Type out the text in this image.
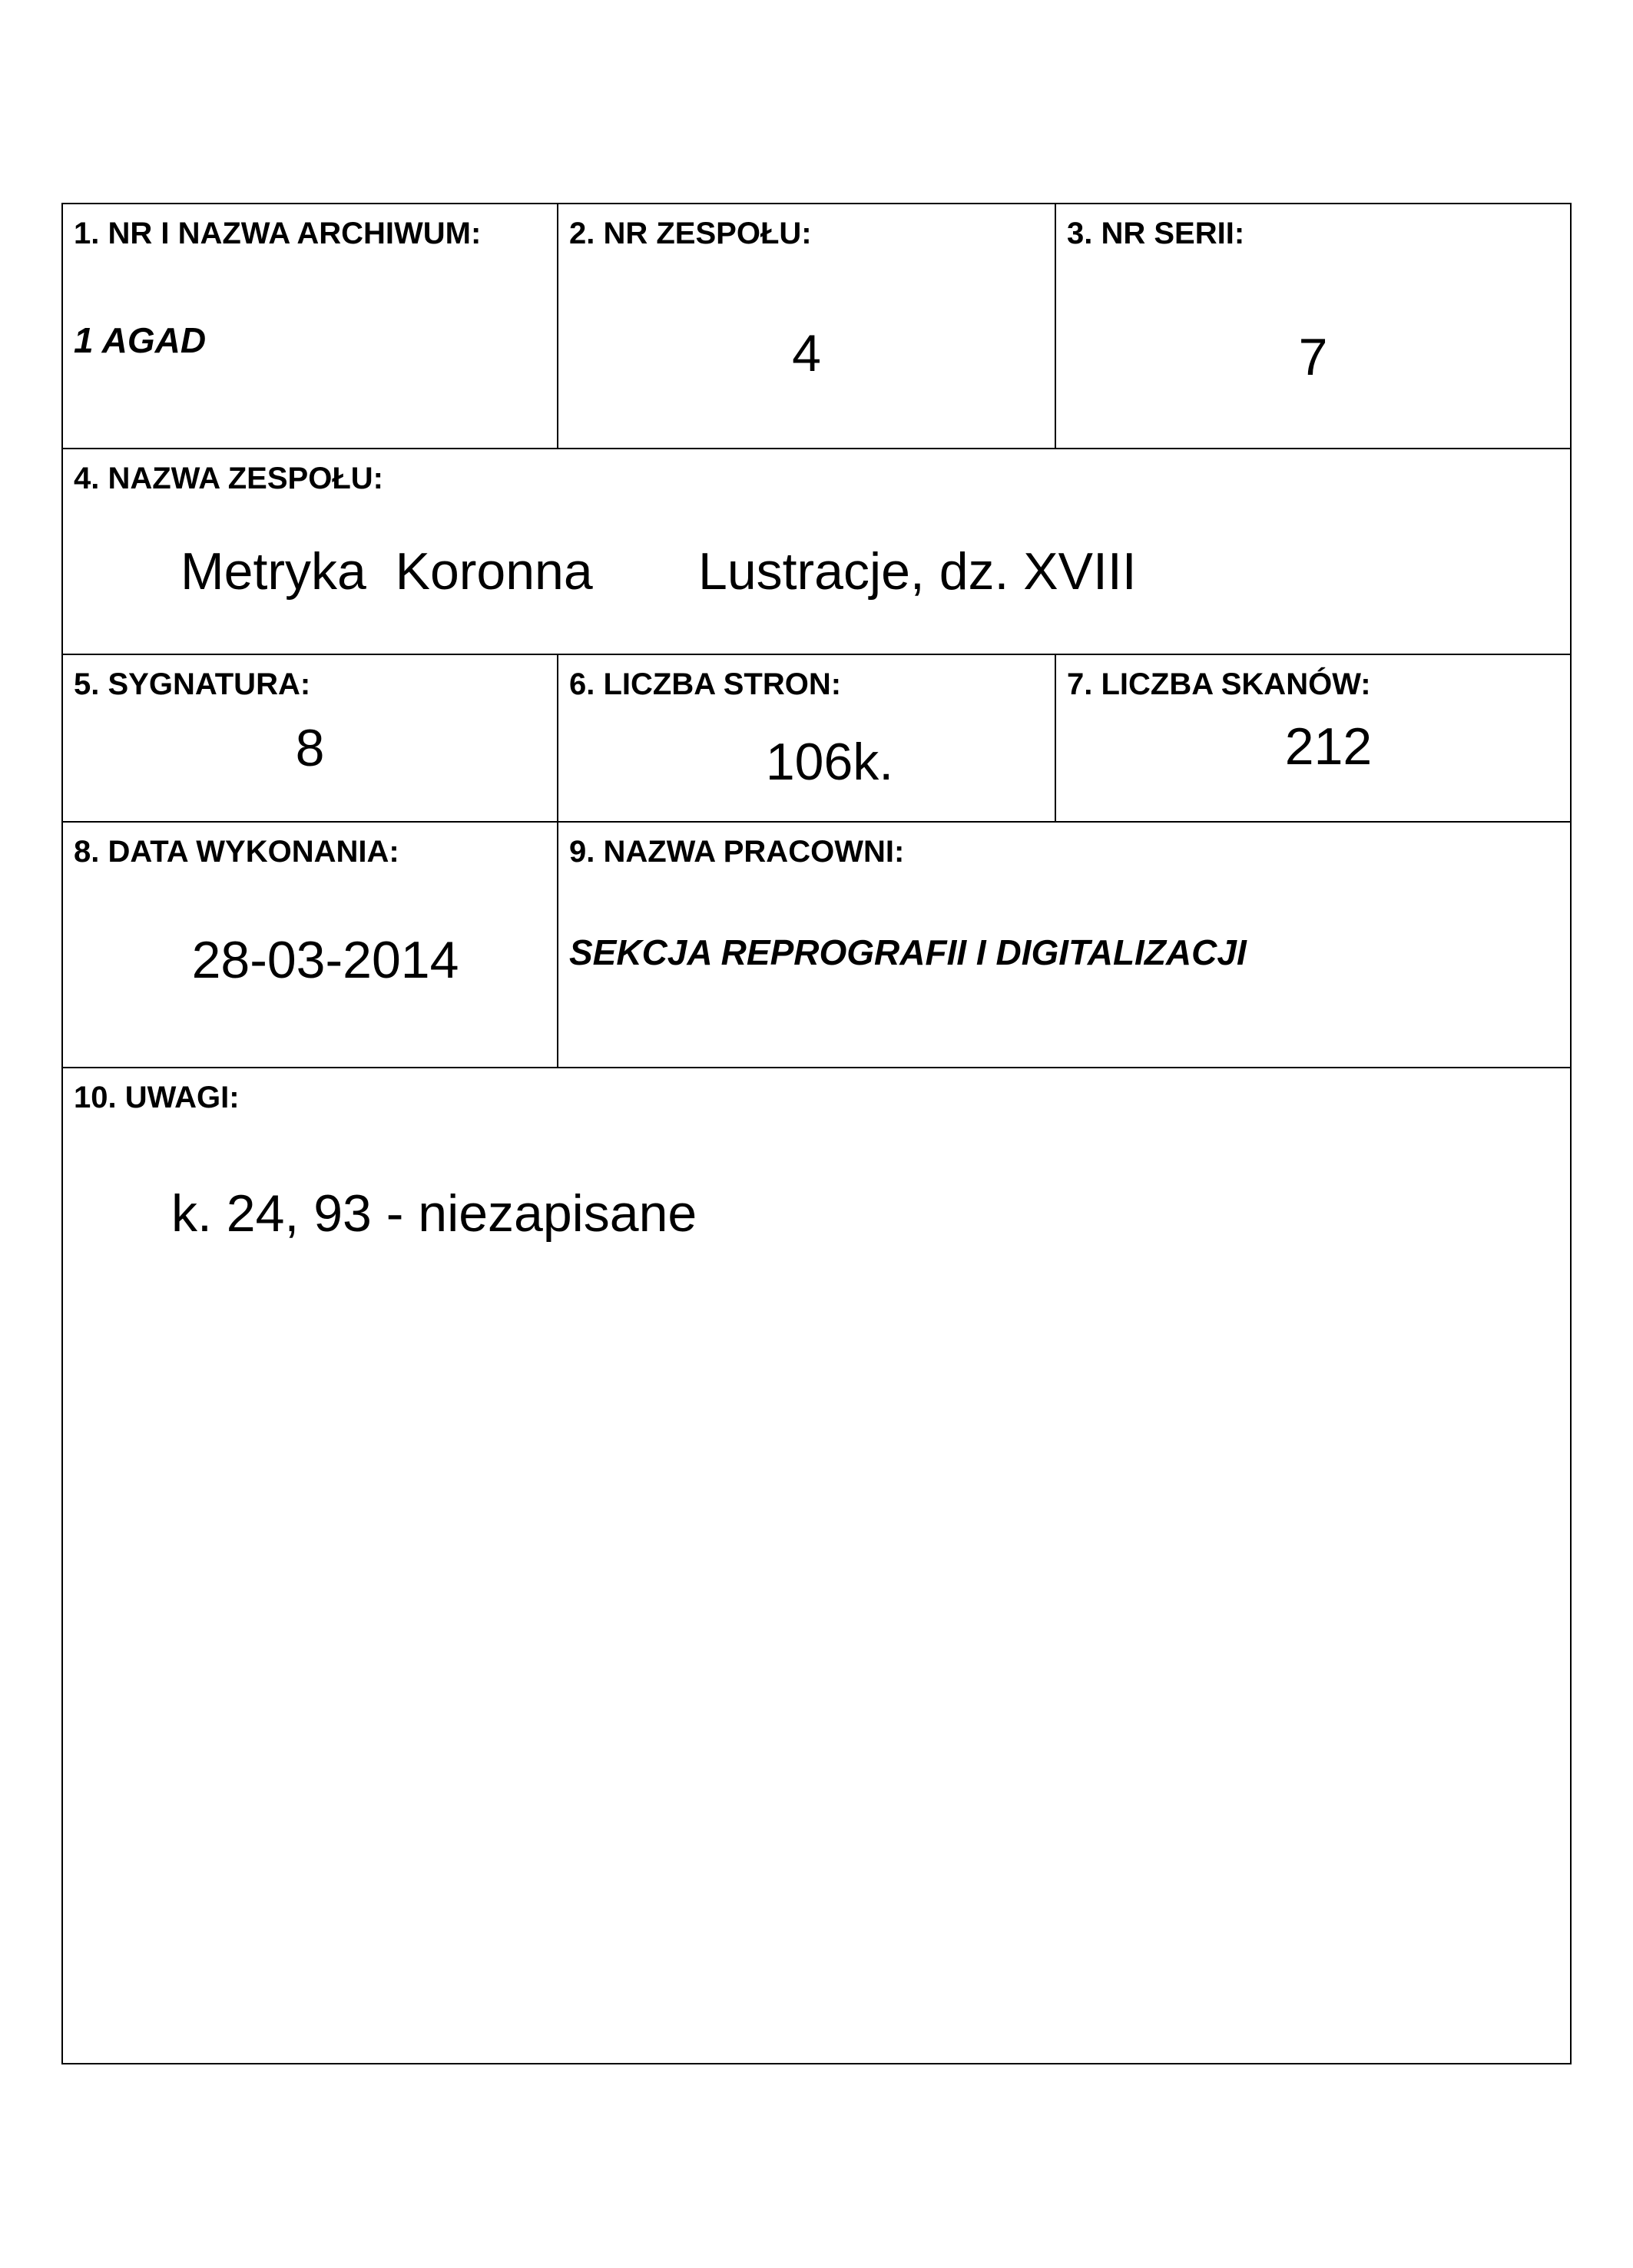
1. NR I NAZWA ARCHIWUM:
1 AGAD
2. NR ZESPOŁU:
4
3. NR SERII:
7
4. NAZWA ZESPOŁU:
Metryka  Koronna Lustracje, dz. XVIII
5. SYGNATURA:
8
6. LICZBA STRON:
106k.
7. LICZBA SKANÓW:
212
8. DATA WYKONANIA:
28-03-2014
9. NAZWA PRACOWNI:
SEKCJA REPROGRAFII I DIGITALIZACJI
10. UWAGI:
k. 24, 93 - niezapisane
